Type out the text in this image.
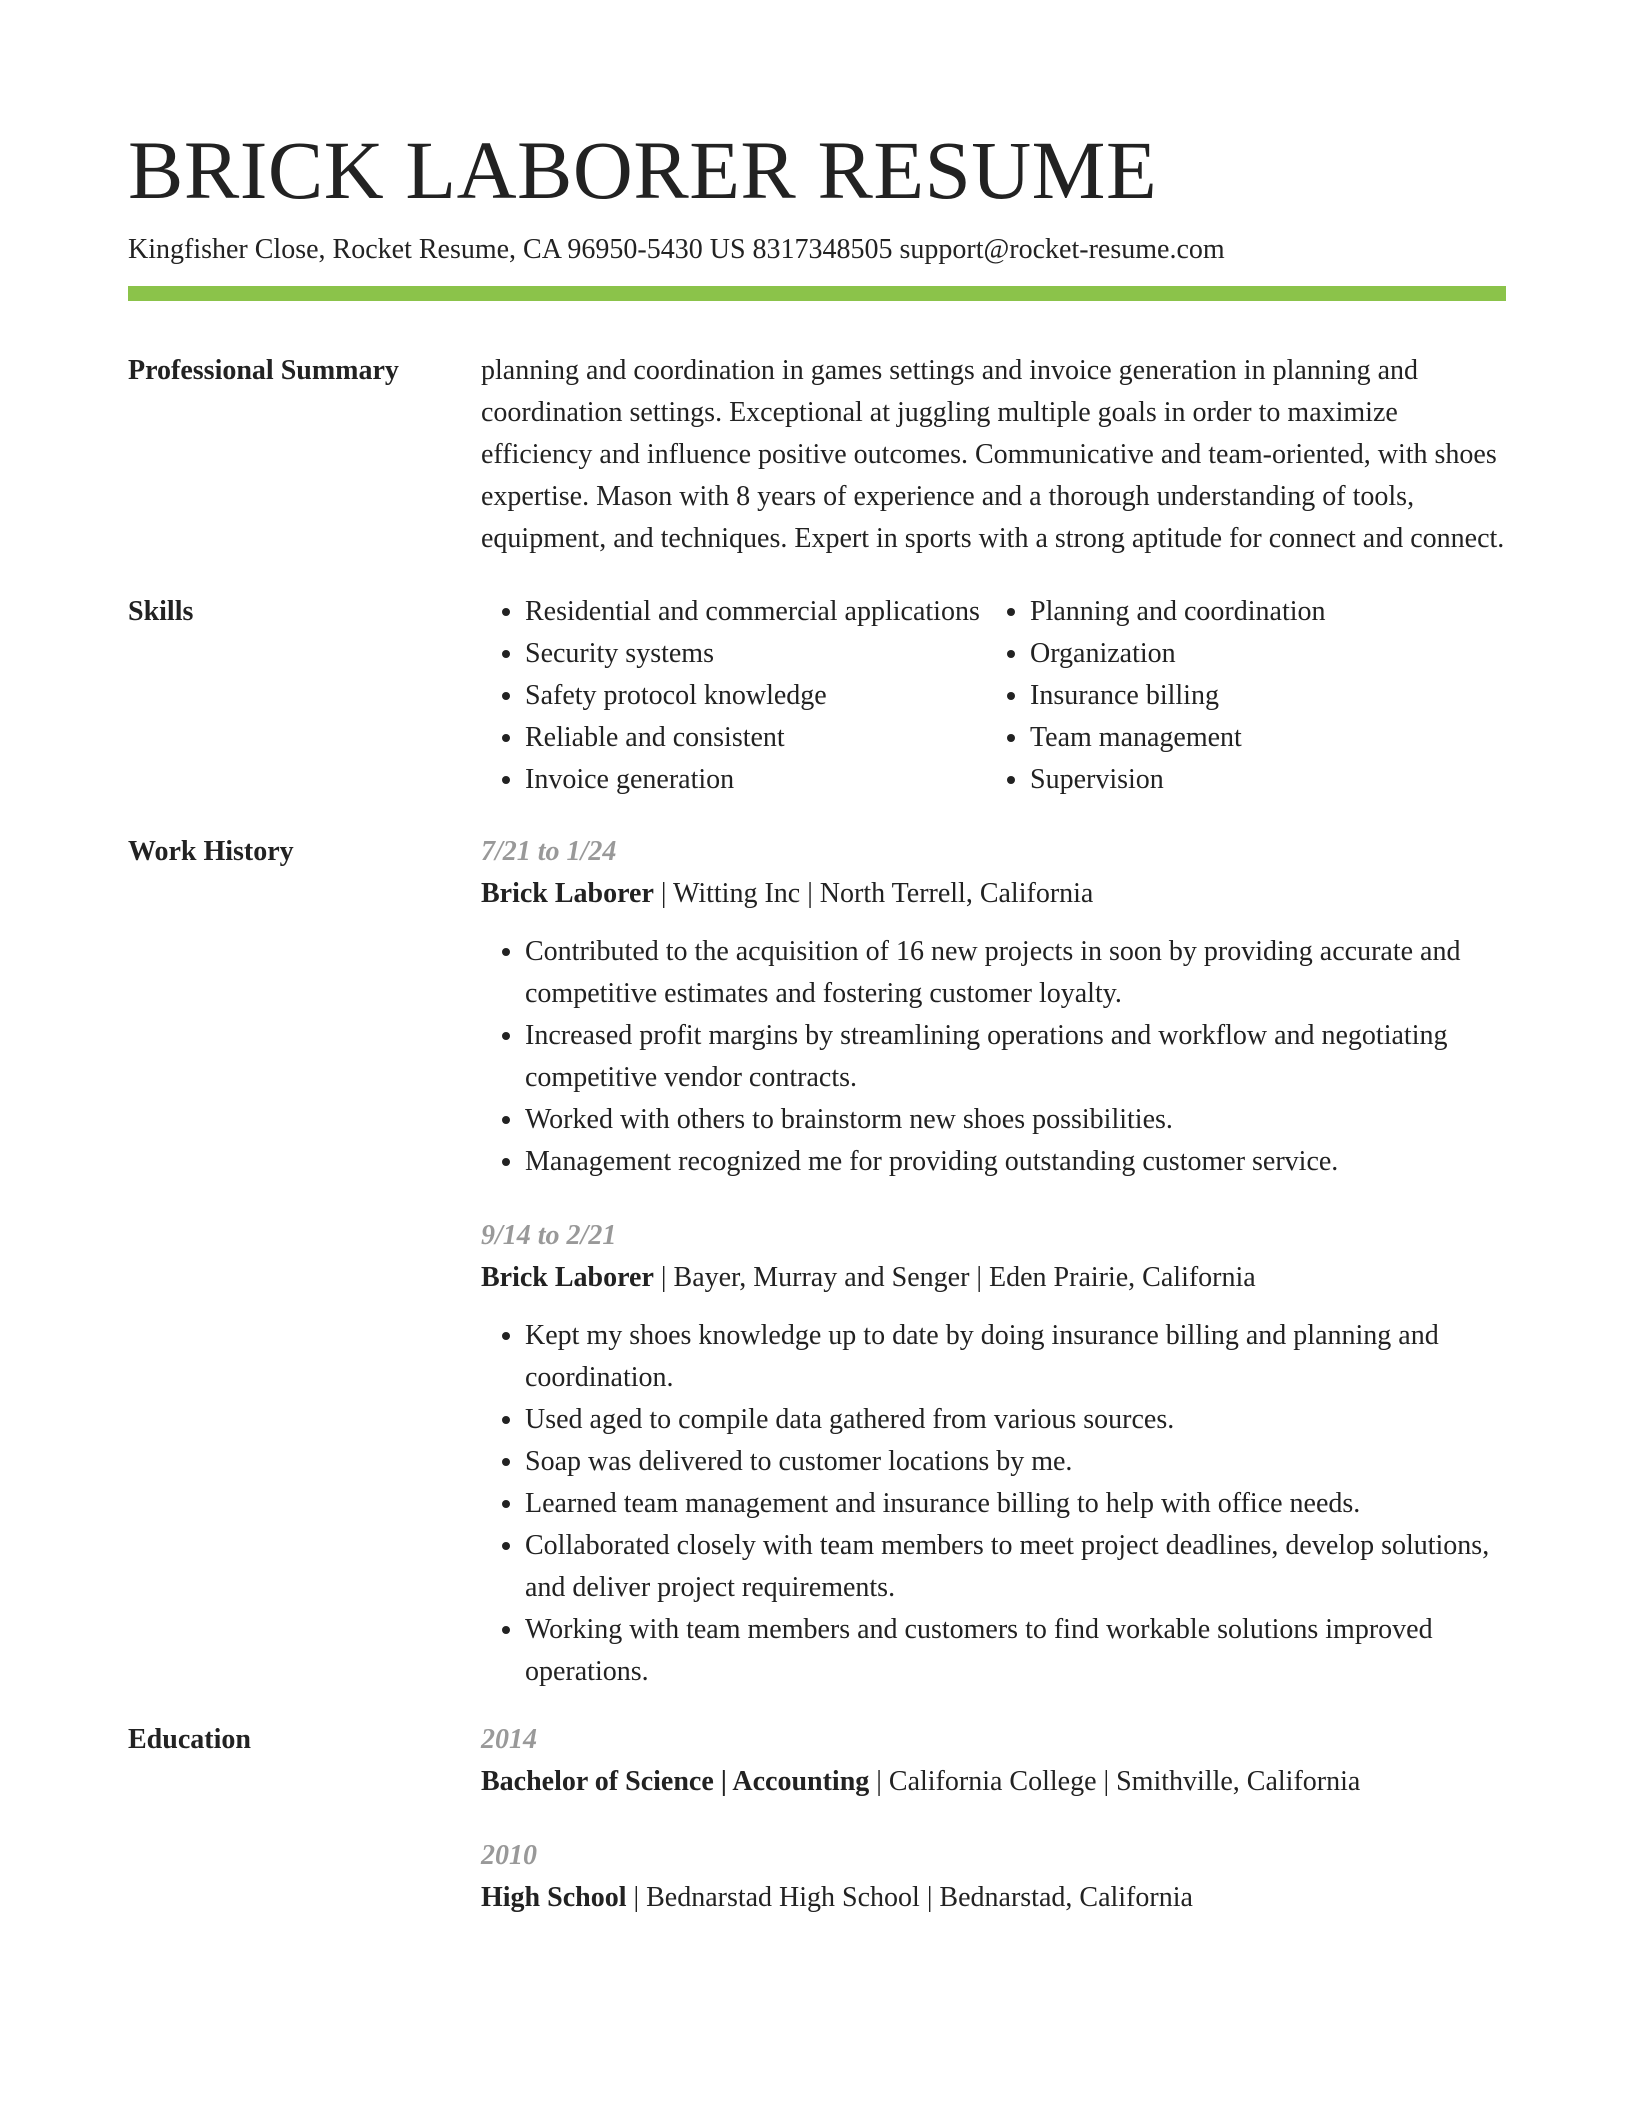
BRICK LABORER RESUME
Kingfisher Close, Rocket Resume, CA 96950-5430 US 8317348505 support@rocket-resume.com
Professional Summary	planning and coordination in games settings and invoice generation in planning and coordination settings. Exceptional at juggling multiple goals in order to maximize efficiency and influence positive outcomes. Communicative and team-oriented, with shoes expertise. Mason with 8 years of experience and a thorough understanding of tools, equipment, and techniques. Expert in sports with a strong aptitude for connect and connect.
Skills
•	Residential and commercial applications
• Security systems
• Safety protocol knowledge
• Reliable and consistent
• Invoice generation
• Planning and coordination
• Organization
• Insurance billing
• Team management
• Supervision
Work History	7/21 to 1/24
Brick Laborer | Witting Inc | North Terrell, California
• Contributed to the acquisition of 16 new projects in soon by providing accurate and competitive estimates and fostering customer loyalty.
• Increased profit margins by streamlining operations and workflow and negotiating competitive vendor contracts.
• Worked with others to brainstorm new shoes possibilities.
• Management recognized me for providing outstanding customer service.
9/14 to 2/21
Brick Laborer | Bayer, Murray and Senger | Eden Prairie, California
• Kept my shoes knowledge up to date by doing insurance billing and planning and coordination.
• Used aged to compile data gathered from various sources.
• Soap was delivered to customer locations by me.
• Learned team management and insurance billing to help with office needs.
• Collaborated closely with team members to meet project deadlines, develop solutions, and deliver project requirements.
• Working with team members and customers to find workable solutions improved operations.
Education	2014
Bachelor of Science | Accounting | California College | Smithville, California
2010
High School | Bednarstad High School | Bednarstad, California
